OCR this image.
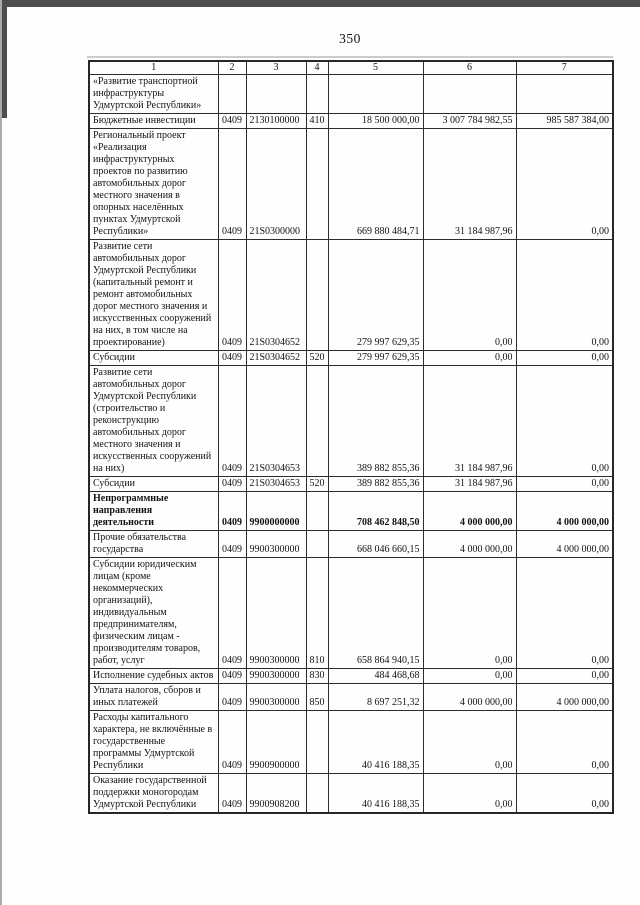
350
1	2	3	4	5	6	7
«Развитие транспортной инфраструктуры Удмуртской Республики»						
Бюджетные инвестиции	0409	2130100000	410	18 500 000,00	3 007 784 982,55	985 587 384,00
Региональный проект «Реализация инфраструктурных проектов по развитию автомобильных дорог местного значения в опорных населённых пунктах Удмуртской Республики»	0409	21S0300000		669 880 484,71	31 184 987,96	0,00
Развитие сети автомобильных дорог Удмуртской Республики (капитальный ремонт и ремонт автомобильных дорог местного значения и искусственных сооружений на них, в том числе на проектирование)	0409	21S0304652		279 997 629,35	0,00	0,00
Субсидии	0409	21S0304652	520	279 997 629,35	0,00	0,00
Развитие сети автомобильных дорог Удмуртской Республики (строительство и реконструкцию автомобильных дорог местного значения и искусственных сооружений на них)	0409	21S0304653		389 882 855,36	31 184 987,96	0,00
Субсидии	0409	21S0304653	520	389 882 855,36	31 184 987,96	0,00
Непрограммные направления деятельности	0409	9900000000		708 462 848,50	4 000 000,00	4 000 000,00
Прочие обязательства государства	0409	9900300000		668 046 660,15	4 000 000,00	4 000 000,00
Субсидии юридическим лицам (кроме некоммерческих организаций), индивидуальным предпринимателям, физическим лицам - производителям товаров, работ, услуг	0409	9900300000	810	658 864 940,15	0,00	0,00
Исполнение судебных актов	0409	9900300000	830	484 468,68	0,00	0,00
Уплата налогов, сборов и иных платежей	0409	9900300000	850	8 697 251,32	4 000 000,00	4 000 000,00
Расходы капитального характера, не включённые в государственные программы Удмуртской Республики	0409	9900900000		40 416 188,35	0,00	0,00
Оказание государственной поддержки моногородам Удмуртской Республики	0409	9900908200		40 416 188,35	0,00	0,00
